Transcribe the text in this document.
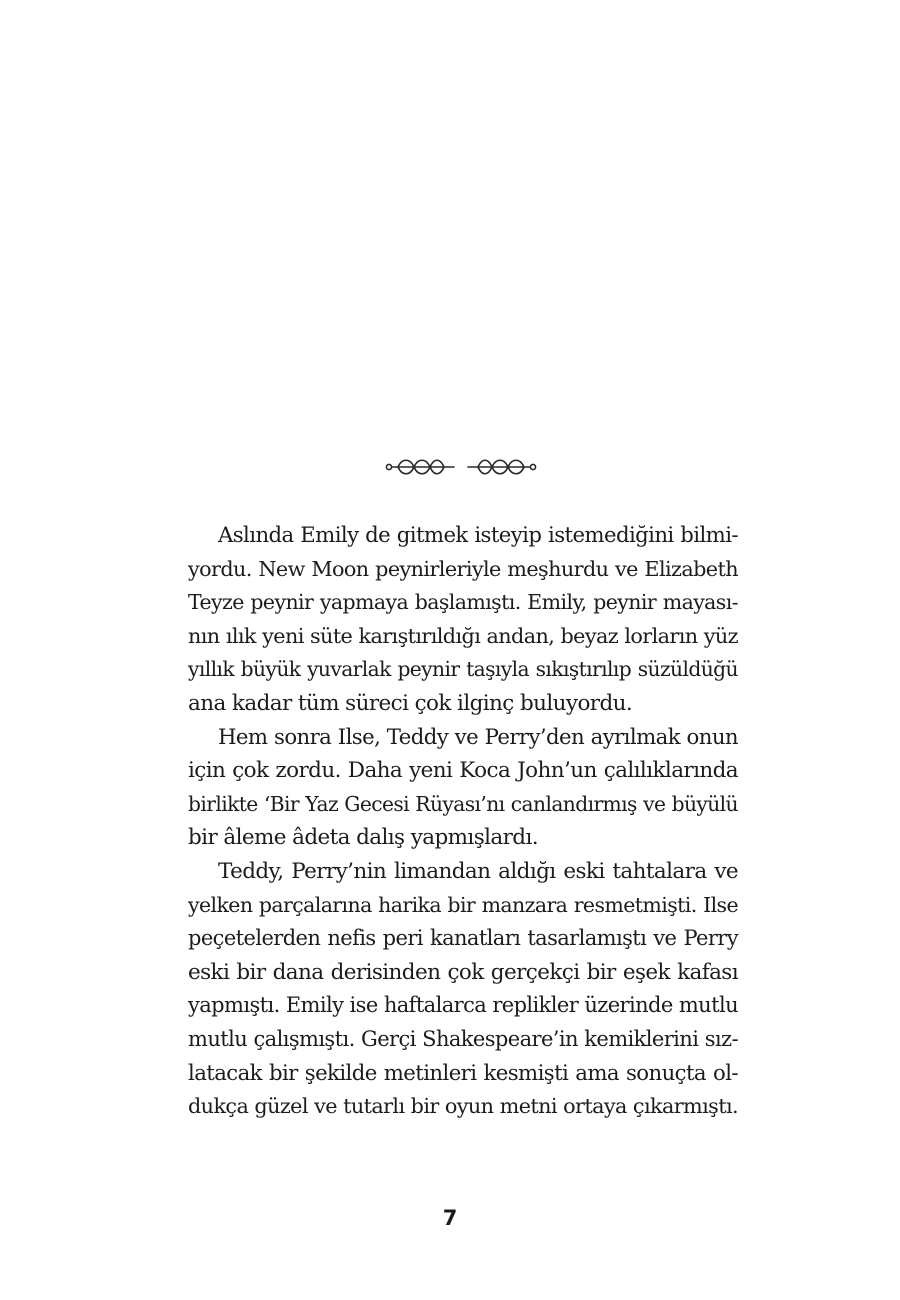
Aslında Emily de gitmek isteyip istemediğini bilmi-
yordu. New Moon peynirleriyle meşhurdu ve Elizabeth
Teyze peynir yapmaya başlamıştı. Emily, peynir mayası-
nın ılık yeni süte karıştırıldığı andan, beyaz lorların yüz
yıllık büyük yuvarlak peynir taşıyla sıkıştırılıp süzüldüğü
ana kadar tüm süreci çok ilginç buluyordu.
Hem sonra Ilse, Teddy ve Perry’den ayrılmak onun
için çok zordu. Daha yeni Koca John’un çalılıklarında
birlikte ‘Bir Yaz Gecesi Rüyası’nı canlandırmış ve büyülü
bir âleme âdeta dalış yapmışlardı.
Teddy, Perry’nin limandan aldığı eski tahtalara ve
yelken parçalarına harika bir manzara resmetmişti. Ilse
peçetelerden nefis peri kanatları tasarlamıştı ve Perry
eski bir dana derisinden çok gerçekçi bir eşek kafası
yapmıştı. Emily ise haftalarca replikler üzerinde mutlu
mutlu çalışmıştı. Gerçi Shakespeare’in kemiklerini sız-
latacak bir şekilde metinleri kesmişti ama sonuçta ol-
dukça güzel ve tutarlı bir oyun metni ortaya çıkarmıştı.
7
